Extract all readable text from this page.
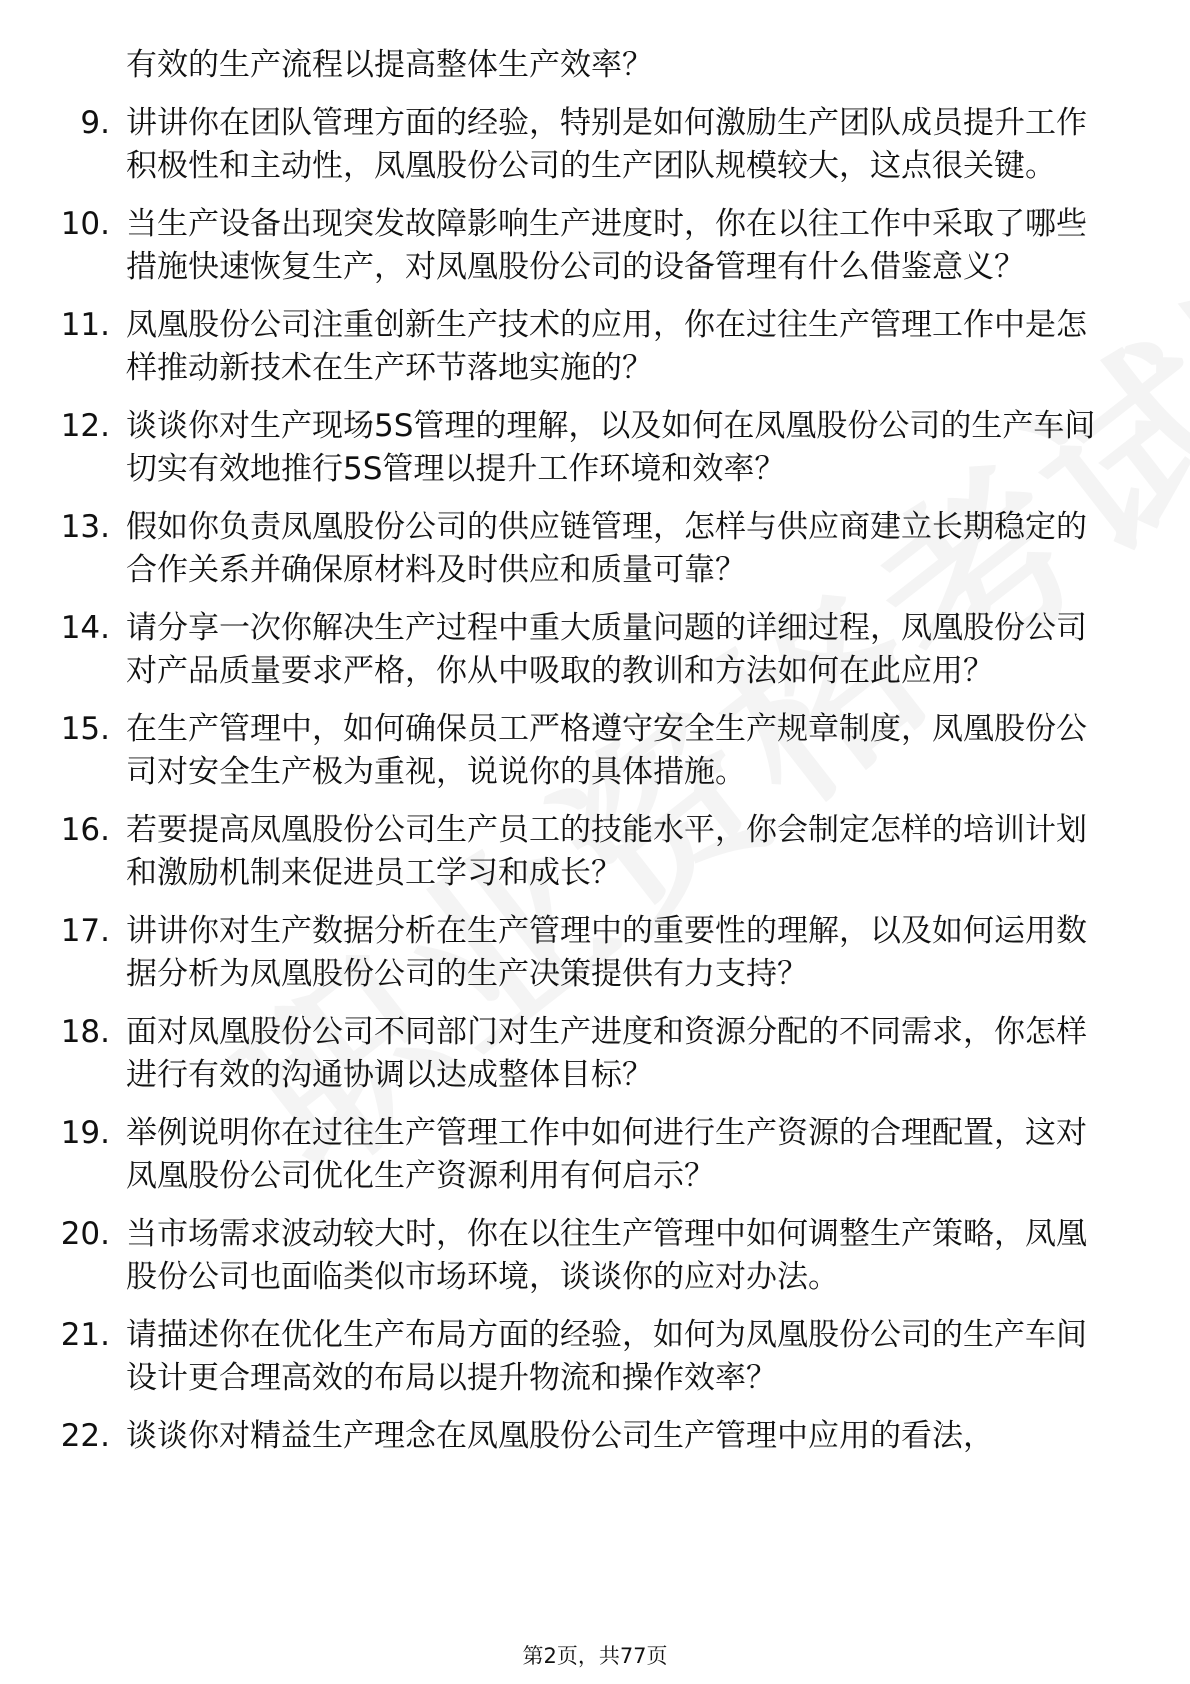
有效的生产流程以提高整体生产效率？
9. 讲讲你在团队管理方面的经验，特别是如何激励生产团队成员提升工作积极性和主动性，凤凰股份公司的生产团队规模较大，这点很关键。
10. 当生产设备出现突发故障影响生产进度时，你在以往工作中采取了哪些措施快速恢复生产，对凤凰股份公司的设备管理有什么借鉴意义？
11. 凤凰股份公司注重创新生产技术的应用，你在过往生产管理工作中是怎样推动新技术在生产环节落地实施的？
12. 谈谈你对生产现场5S管理的理解，以及如何在凤凰股份公司的生产车间切实有效地推行5S管理以提升工作环境和效率？
13. 假如你负责凤凰股份公司的供应链管理，怎样与供应商建立长期稳定的合作关系并确保原材料及时供应和质量可靠？
14. 请分享一次你解决生产过程中重大质量问题的详细过程，凤凰股份公司对产品质量要求严格，你从中吸取的教训和方法如何在此应用？
15. 在生产管理中，如何确保员工严格遵守安全生产规章制度，凤凰股份公司对安全生产极为重视，说说你的具体措施。
16. 若要提高凤凰股份公司生产员工的技能水平，你会制定怎样的培训计划和激励机制来促进员工学习和成长？
17. 讲讲你对生产数据分析在生产管理中的重要性的理解，以及如何运用数据分析为凤凰股份公司的生产决策提供有力支持？
18. 面对凤凰股份公司不同部门对生产进度和资源分配的不同需求，你怎样进行有效的沟通协调以达成整体目标？
19. 举例说明你在过往生产管理工作中如何进行生产资源的合理配置，这对凤凰股份公司优化生产资源利用有何启示？
20. 当市场需求波动较大时，你在以往生产管理中如何调整生产策略，凤凰股份公司也面临类似市场环境，谈谈你的应对办法。
21. 请描述你在优化生产布局方面的经验，如何为凤凰股份公司的生产车间设计更合理高效的布局以提升物流和操作效率？
22. 谈谈你对精益生产理念在凤凰股份公司生产管理中应用的看法，
第2页，共77页
